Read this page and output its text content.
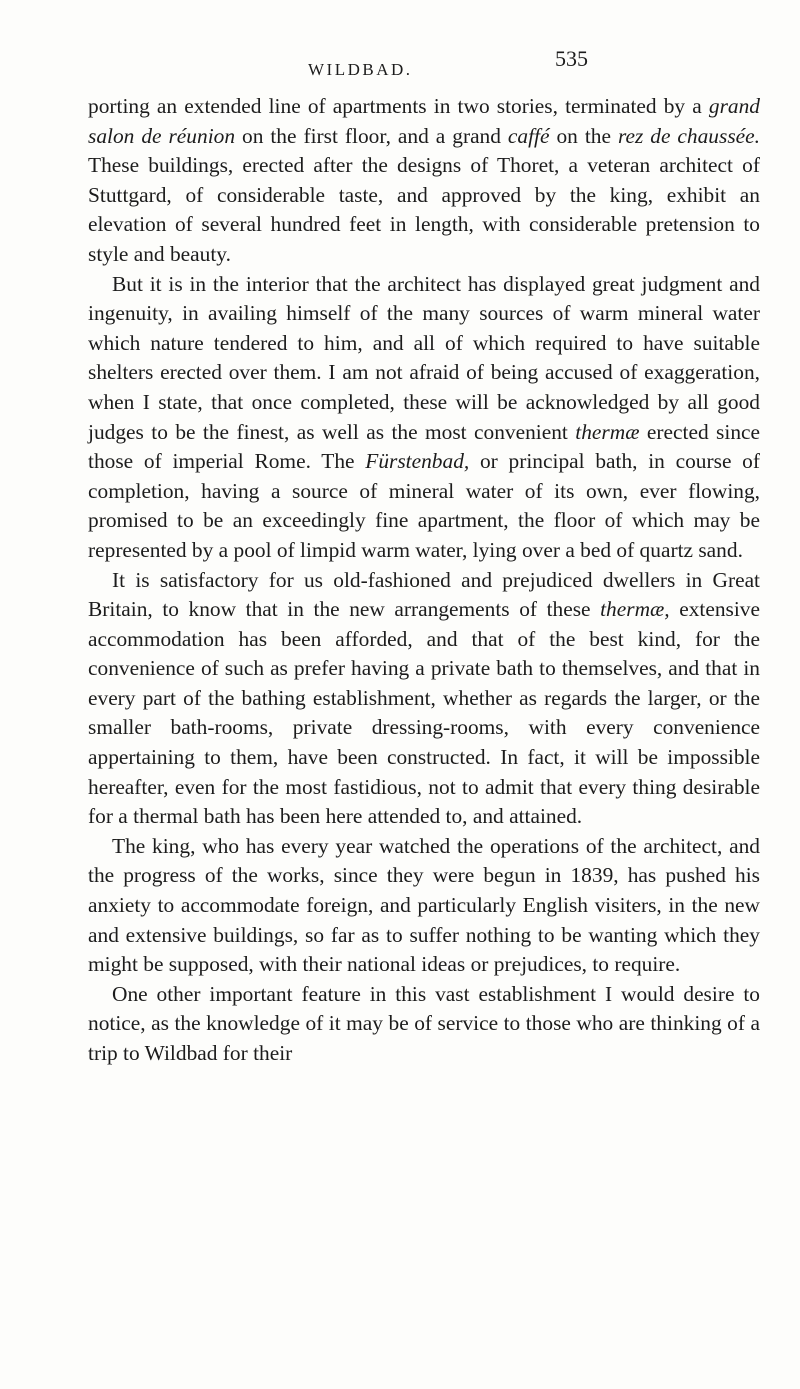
WILDBAD.	535

porting an extended line of apartments in two stories, terminated by a grand salon de réunion on the first floor, and a grand caffé on the rez de chaussée. These buildings, erected after the designs of Thoret, a veteran architect of Stuttgard, of considerable taste, and approved by the king, exhibit an elevation of several hundred feet in length, with considerable pretension to style and beauty.

But it is in the interior that the architect has displayed great judgment and ingenuity, in availing himself of the many sources of warm mineral water which nature tendered to him, and all of which required to have suitable shelters erected over them. I am not afraid of being accused of exaggeration, when I state, that once completed, these will be acknowledged by all good judges to be the finest, as well as the most convenient thermæ erected since those of imperial Rome. The Fürstenbad, or principal bath, in course of completion, having a source of mineral water of its own, ever flowing, promised to be an exceedingly fine apartment, the floor of which may be represented by a pool of limpid warm water, lying over a bed of quartz sand.

It is satisfactory for us old-fashioned and prejudiced dwellers in Great Britain, to know that in the new arrangements of these thermæ, extensive accommodation has been afforded, and that of the best kind, for the convenience of such as prefer having a private bath to themselves, and that in every part of the bathing establishment, whether as regards the larger, or the smaller bath-rooms, private dressing-rooms, with every convenience appertaining to them, have been constructed. In fact, it will be impossible hereafter, even for the most fastidious, not to admit that every thing desirable for a thermal bath has been here attended to, and attained.

The king, who has every year watched the operations of the architect, and the progress of the works, since they were begun in 1839, has pushed his anxiety to accommodate foreign, and particularly English visiters, in the new and extensive buildings, so far as to suffer nothing to be wanting which they might be supposed, with their national ideas or prejudices, to require.

One other important feature in this vast establishment I would desire to notice, as the knowledge of it may be of service to those who are thinking of a trip to Wildbad for their
